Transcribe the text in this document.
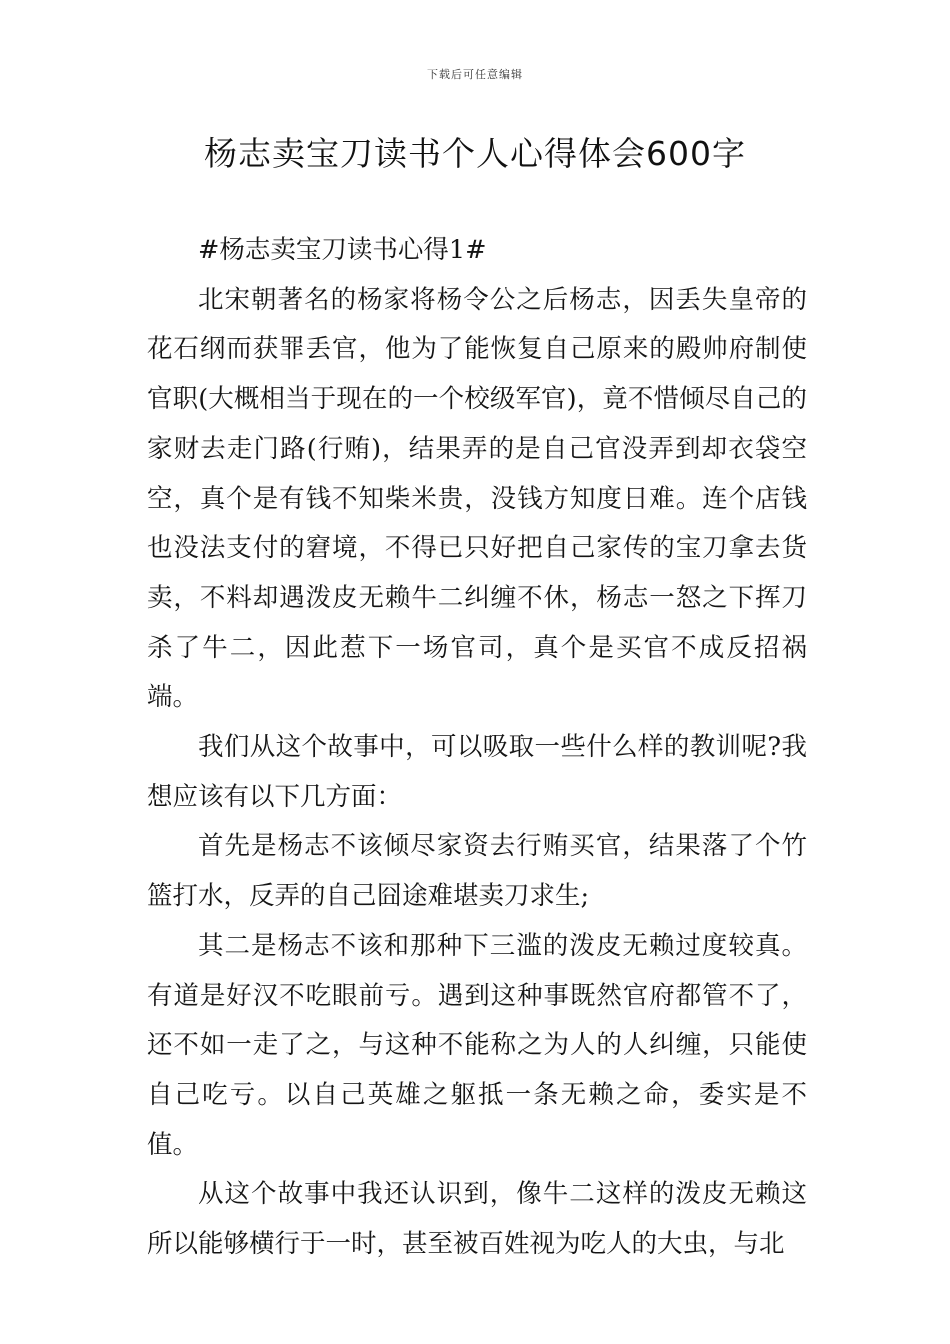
下载后可任意编辑
杨志卖宝刀读书个人心得体会600字

#杨志卖宝刀读书心得1#

北宋朝著名的杨家将杨令公之后杨志，因丢失皇帝的花石纲而获罪丢官，他为了能恢复自己原来的殿帅府制使官职(大概相当于现在的一个校级军官)，竟不惜倾尽自己的家财去走门路(行贿)，结果弄的是自己官没弄到却衣袋空空，真个是有钱不知柴米贵，没钱方知度日难。连个店钱也没法支付的窘境，不得已只好把自己家传的宝刀拿去货卖，不料却遇泼皮无赖牛二纠缠不休，杨志一怒之下挥刀杀了牛二，因此惹下一场官司，真个是买官不成反招祸端。

我们从这个故事中，可以吸取一些什么样的教训呢?我想应该有以下几方面：

首先是杨志不该倾尽家资去行贿买官，结果落了个竹篮打水，反弄的自己囧途难堪卖刀求生;

其二是杨志不该和那种下三滥的泼皮无赖过度较真。有道是好汉不吃眼前亏。遇到这种事既然官府都管不了，还不如一走了之，与这种不能称之为人的人纠缠，只能使自己吃亏。以自己英雄之躯抵一条无赖之命，委实是不值。

从这个故事中我还认识到，像牛二这样的泼皮无赖这所以能够横行于一时，甚至被百姓视为吃人的大虫，与北
